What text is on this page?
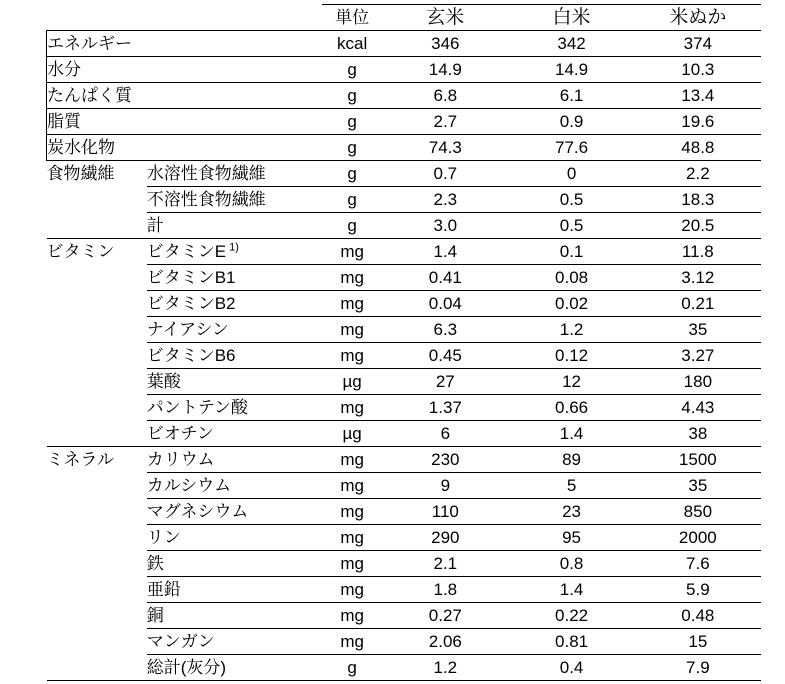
		単位	玄米	白米	米ぬか
エネルギー		kcal	346	342	374
水分		g	14.9	14.9	10.3
たんぱく質		g	6.8	6.1	13.4
脂質		g	2.7	0.9	19.6
炭水化物		g	74.3	77.6	48.8
食物繊維	水溶性食物繊維	g	0.7	0	2.2
	不溶性食物繊維	g	2.3	0.5	18.3
	計	g	3.0	0.5	20.5
ビタミン	ビタミンE $^{1)}$	mg	1.4	0.1	11.8
	ビタミンB1	mg	0.41	0.08	3.12
	ビタミンB2	mg	0.04	0.02	0.21
	ナイアシン	mg	6.3	1.2	35
	ビタミンB6	mg	0.45	0.12	3.27
	葉酸	µg	27	12	180
	パントテン酸	mg	1.37	0.66	4.43
	ビオチン	µg	6	1.4	38
ミネラル	カリウム	mg	230	89	1500
	カルシウム	mg	9	5	35
	マグネシウム	mg	110	23	850
	リン	mg	290	95	2000
	鉄	mg	2.1	0.8	7.6
	亜鉛	mg	1.8	1.4	5.9
	銅	mg	0.27	0.22	0.48
	マンガン	mg	2.06	0.81	15
	総計(灰分)	g	1.2	0.4	7.9
